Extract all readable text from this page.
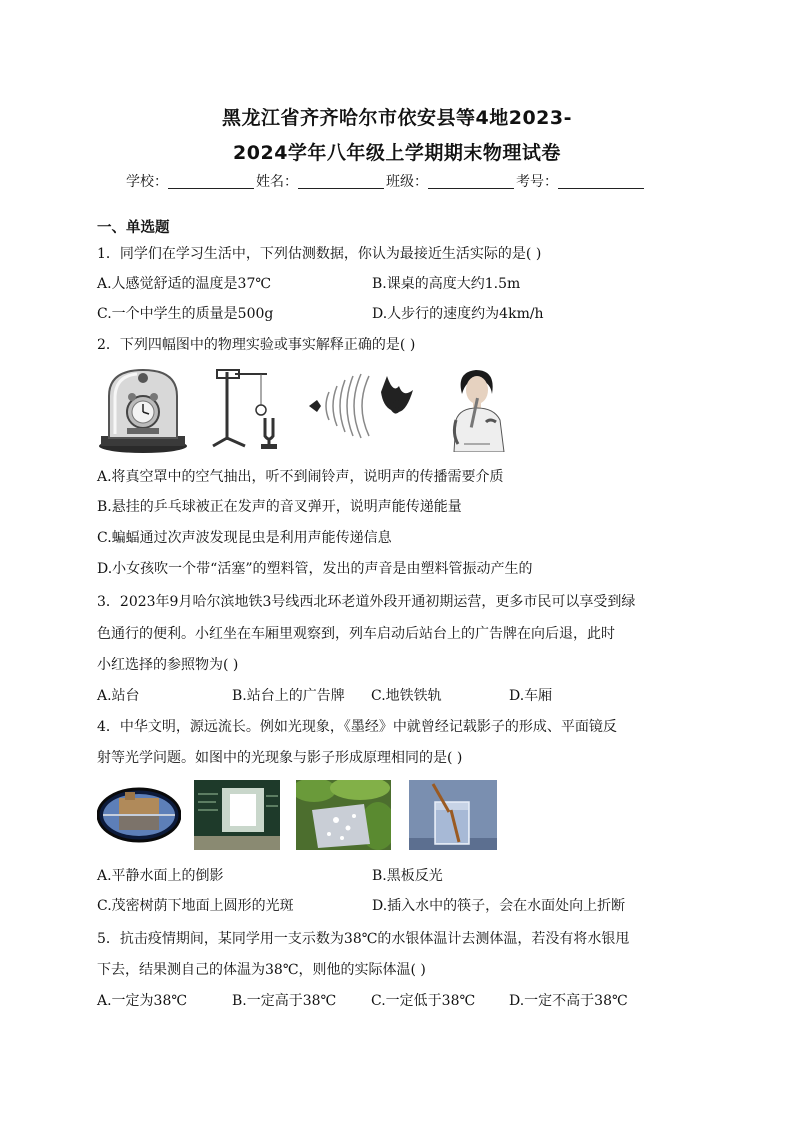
黑龙江省齐齐哈尔市依安县等4地2023-
2024学年八年级上学期期末物理试卷
学校：	姓名：	班级：	考号：
一、单选题
1．同学们在学习生活中，下列估测数据，你认为最接近生活实际的是( )
A.人感觉舒适的温度是37℃	B.课桌的高度大约1.5m
C.一个中学生的质量是500g	D.人步行的速度约为4km/h
2．下列四幅图中的物理实验或事实解释正确的是( )
A.将真空罩中的空气抽出，听不到闹铃声，说明声的传播需要介质
B.悬挂的乒乓球被正在发声的音叉弹开，说明声能传递能量
C.蝙蝠通过次声波发现昆虫是利用声能传递信息
D.小女孩吹一个带“活塞”的塑料管，发出的声音是由塑料管振动产生的
3．2023年9月哈尔滨地铁3号线西北环老道外段开通初期运营，更多市民可以享受到绿
色通行的便利。小红坐在车厢里观察到，列车启动后站台上的广告牌在向后退，此时
小红选择的参照物为( )
A.站台	B.站台上的广告牌 C.地铁铁轨	D.车厢
4．中华文明，源远流长。例如光现象，《墨经》中就曾经记载影子的形成、平面镜反
射等光学问题。如图中的光现象与影子形成原理相同的是( )
A.平静水面上的倒影	B.黑板反光
C.茂密树荫下地面上圆形的光斑	D.插入水中的筷子，会在水面处向上折断
5．抗击疫情期间，某同学用一支示数为38℃的水银体温计去测体温，若没有将水银甩
下去，结果测自己的体温为38℃，则他的实际体温( )
A.一定为38℃	B.一定高于38℃ C.一定低于38℃ D.一定不高于38℃
